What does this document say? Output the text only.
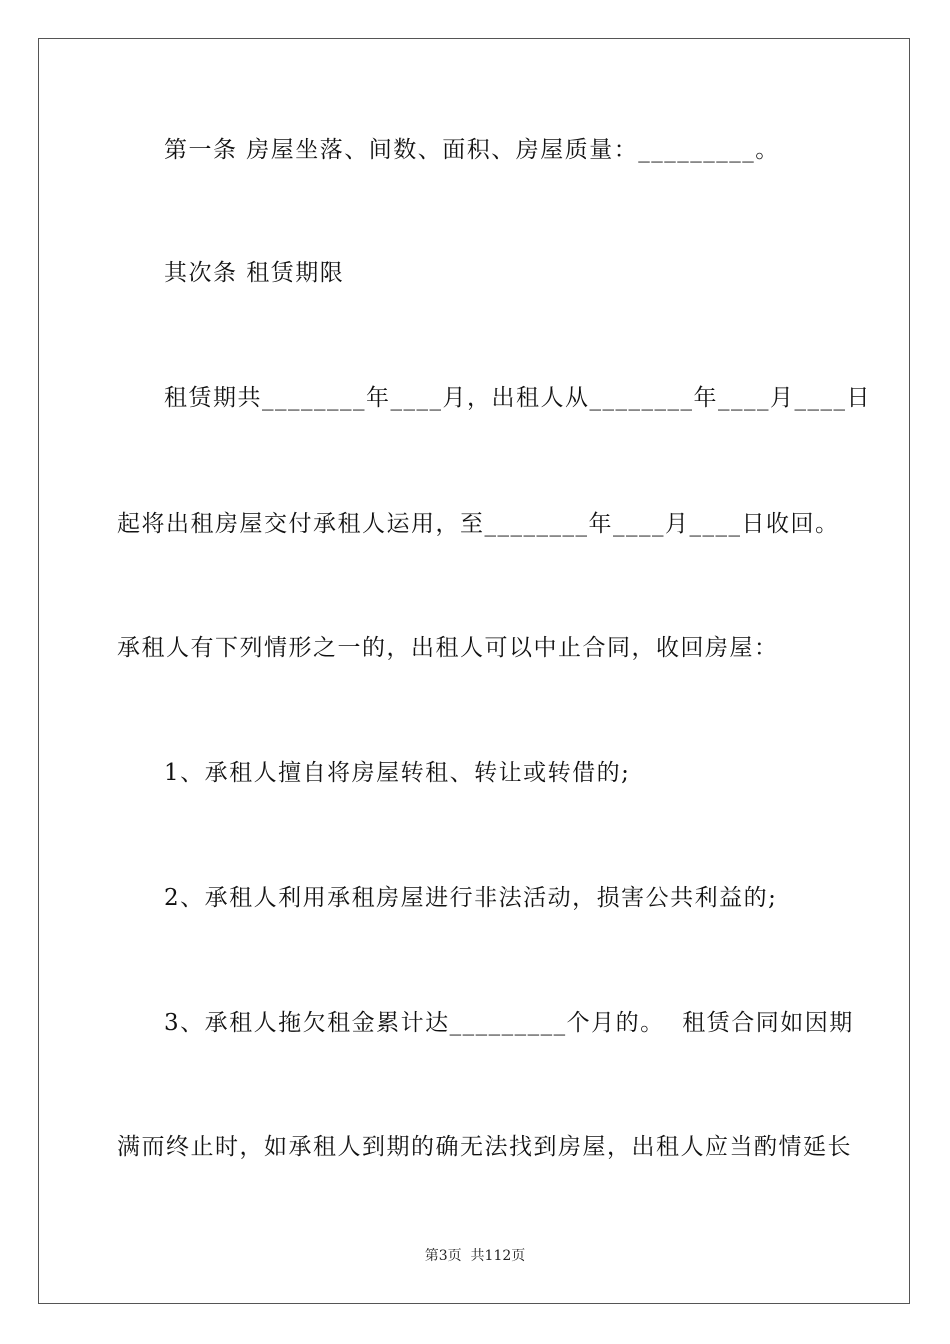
第一条 房屋坐落、间数、面积、房屋质量：_________。
其次条 租赁期限
租赁期共________年____月，出租人从________年____月____日
起将出租房屋交付承租人运用，至________年____月____日收回。
承租人有下列情形之一的，出租人可以中止合同，收回房屋：
1、承租人擅自将房屋转租、转让或转借的;
2、承租人利用承租房屋进行非法活动，损害公共利益的;
3、承租人拖欠租金累计达_________个月的。  租赁合同如因期
满而终止时，如承租人到期的确无法找到房屋，出租人应当酌情延长
第3页  共112页
